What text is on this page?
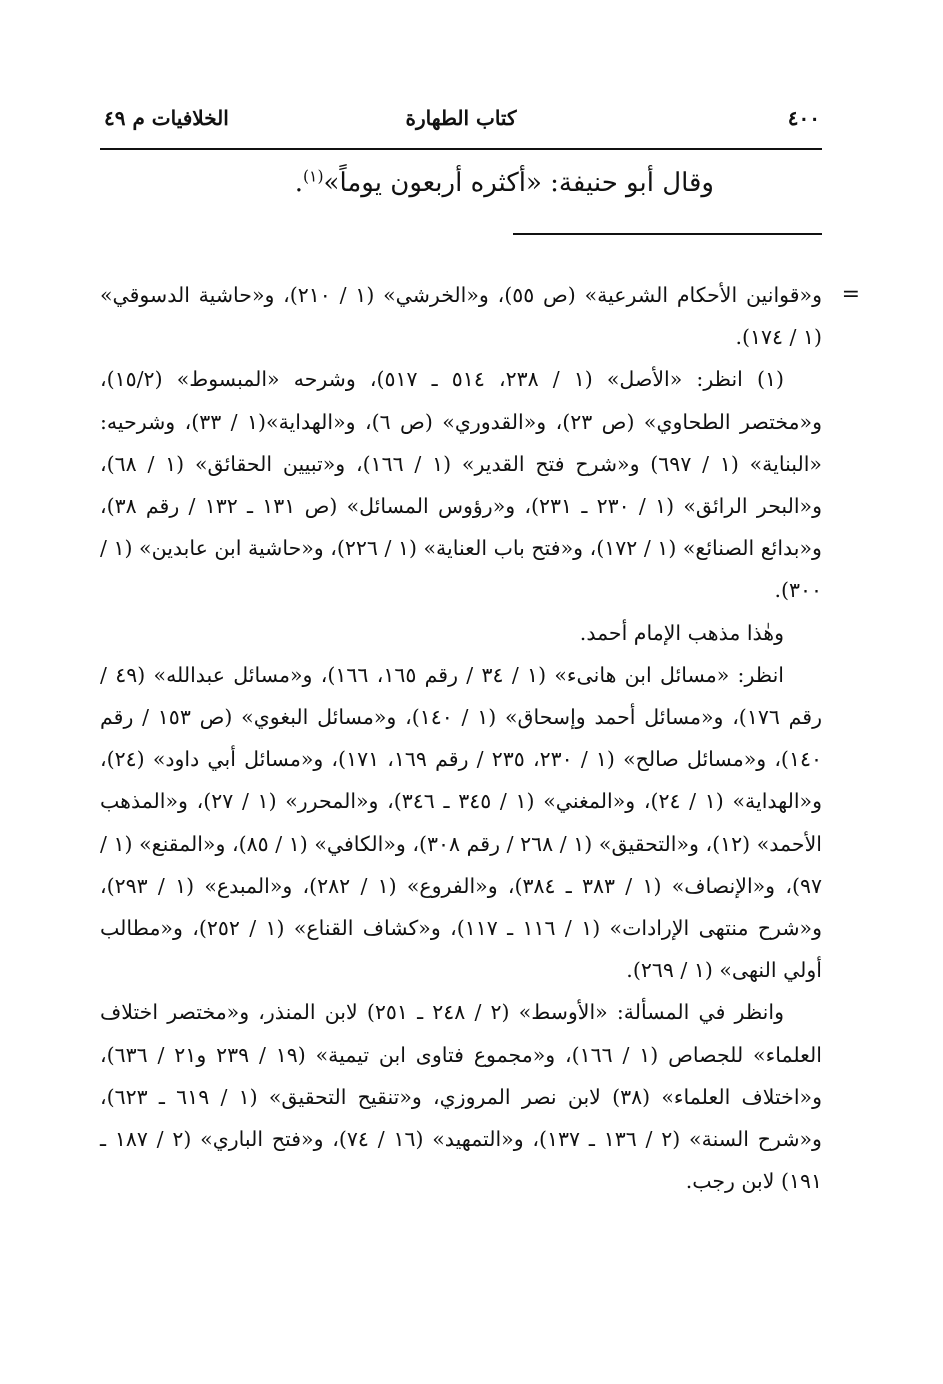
٤٠٠
كتاب الطهارة
الخلافيات م ٤٩
وقال أبو حنيفة: «أكثره أربعون يوماً»$^{(١)}$.

=
و«قوانين الأحكام الشرعية» (ص ٥٥)، و«الخرشي» (١ / ٢١٠)، و«حاشية الدسوقي» (١ / ١٧٤).

(١) انظر: «الأصل» (١ / ٢٣٨، ٥١٤ ـ ٥١٧)، وشرحه «المبسوط» (١٥/٢)، و«مختصر الطحاوي» (ص ٢٣)، و«القدوري» (ص ٦)، و«الهداية»(١ / ٣٣)، وشرحيه: «البناية» (١ / ٦٩٧) و«شرح فتح القدير» (١ / ١٦٦)، و«تبيين الحقائق» (١ / ٦٨)، و«البحر الرائق» (١ / ٢٣٠ ـ ٢٣١)، و«رؤوس المسائل» (ص ١٣١ ـ ١٣٢ / رقم ٣٨)، و«بدائع الصنائع» (١ / ١٧٢)، و«فتح باب العناية» (١ / ٢٢٦)، و«حاشية ابن عابدين» (١ / ٣٠٠).

وهٰذا مذهب الإمام أحمد.

انظر: «مسائل ابن هانىء» (١ / ٣٤ / رقم ١٦٥، ١٦٦)، و«مسائل عبدالله» (٤٩ / رقم ١٧٦)، و«مسائل أحمد وإسحاق» (١ / ١٤٠)، و«مسائل البغوي» (ص ١٥٣ / رقم ١٤٠)، و«مسائل صالح» (١ / ٢٣٠، ٢٣٥ / رقم ١٦٩، ١٧١)، و«مسائل أبي داود» (٢٤)، و«الهداية» (١ / ٢٤)، و«المغني» (١ / ٣٤٥ ـ ٣٤٦)، و«المحرر» (١ / ٢٧)، و«المذهب الأحمد» (١٢)، و«التحقيق» (١ / ٢٦٨ / رقم ٣٠٨)، و«الكافي» (١ / ٨٥)، و«المقنع» (١ / ٩٧)، و«الإنصاف» (١ / ٣٨٣ ـ ٣٨٤)، و«الفروع» (١ / ٢٨٢)، و«المبدع» (١ / ٢٩٣)، و«شرح منتهى الإرادات» (١ / ١١٦ ـ ١١٧)، و«كشاف القناع» (١ / ٢٥٢)، و«مطالب أولي النهى» (١ / ٢٦٩).

وانظر في المسألة: «الأوسط» (٢ / ٢٤٨ ـ ٢٥١) لابن المنذر، و«مختصر اختلاف العلماء» للجصاص (١ / ١٦٦)، و«مجموع فتاوى ابن تيمية» (١٩ / ٢٣٩ و٢١ / ٦٣٦)، و«اختلاف العلماء» (٣٨) لابن نصر المروزي، و«تنقيح التحقيق» (١ / ٦١٩ ـ ٦٢٣)، و«شرح السنة» (٢ / ١٣٦ ـ ١٣٧)، و«التمهيد» (١٦ / ٧٤)، و«فتح الباري» (٢ / ١٨٧ ـ ١٩١) لابن رجب.
